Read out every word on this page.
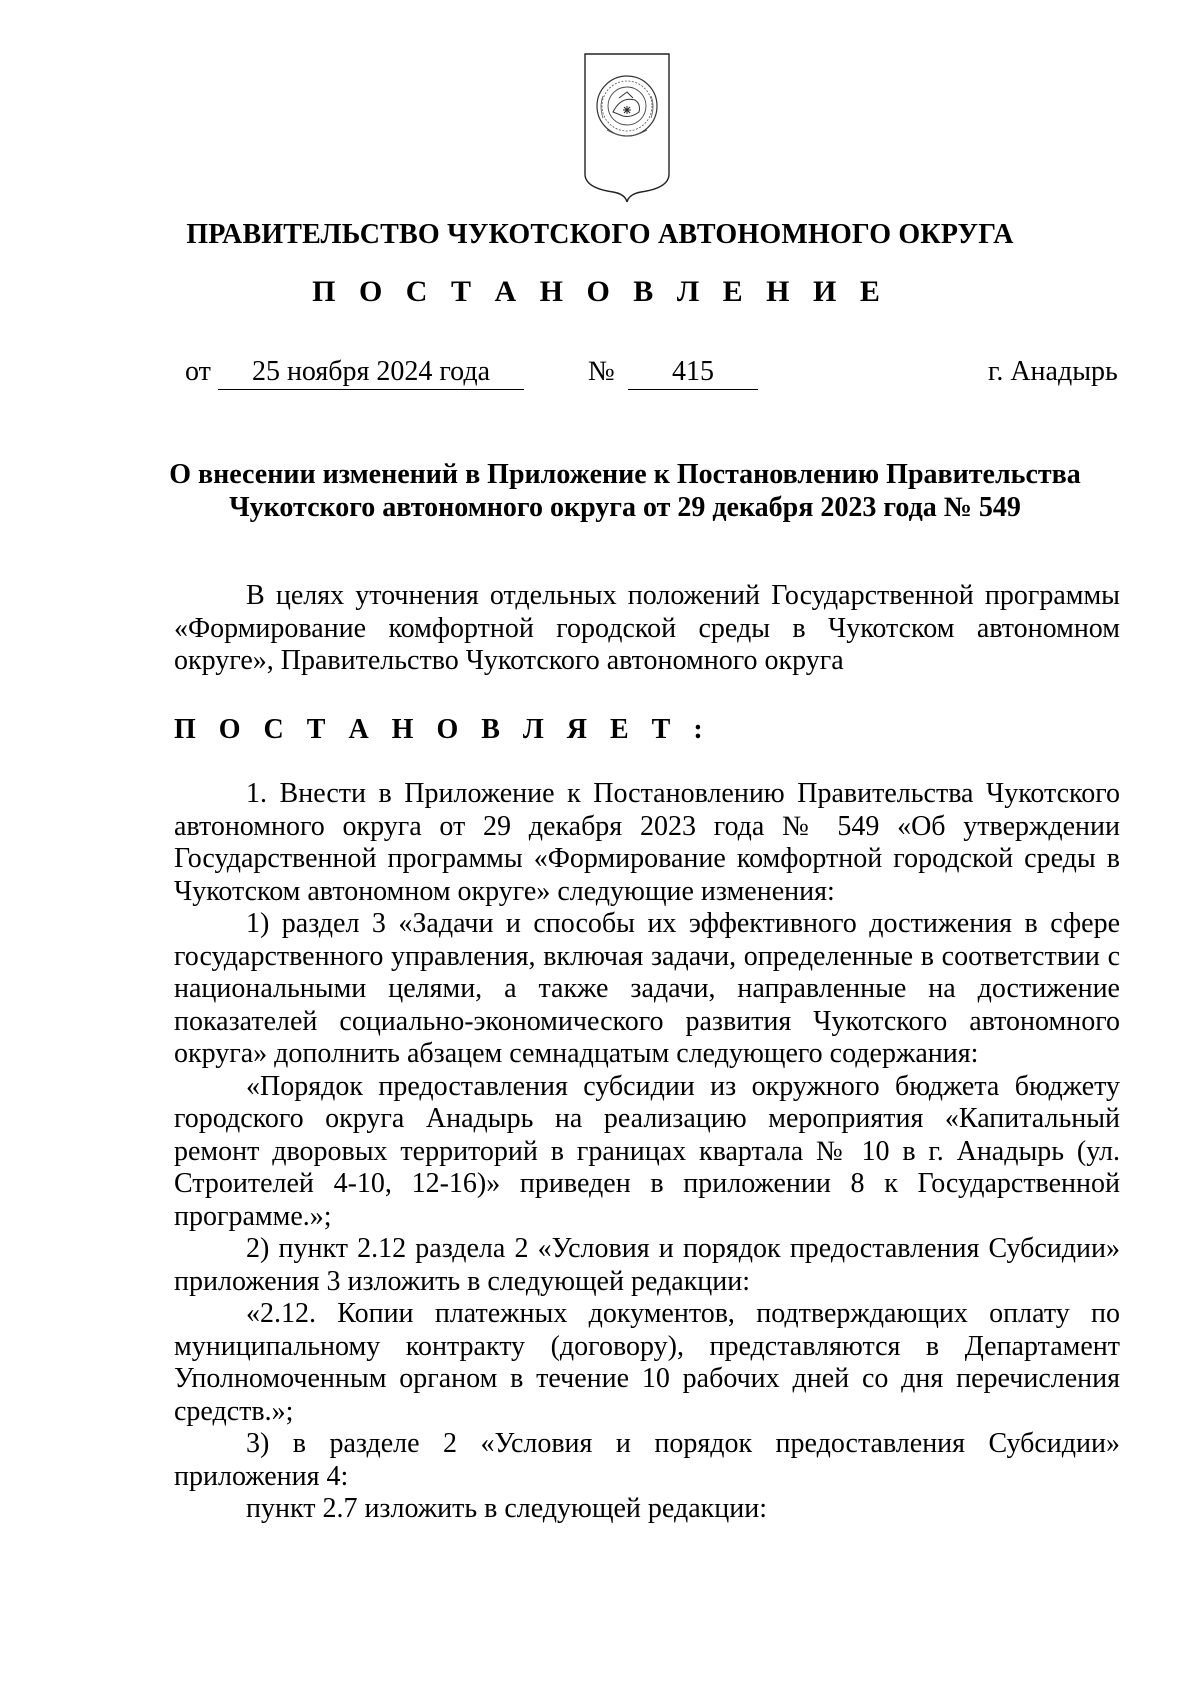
ПРАВИТЕЛЬСТВО ЧУКОТСКОГО АВТОНОМНОГО ОКРУГА
П О С Т А Н О В Л Е Н И Е
от	25 ноября 2024 года	№	415	г. Анадырь
О внесении изменений в Приложение к Постановлению Правительства Чукотского автономного округа от 29 декабря 2023 года № 549

В целях уточнения отдельных положений Государственной программы «Формирование комфортной городской среды в Чукотском автономном округе», Правительство Чукотского автономного округа

П О С Т А Н О В Л Я Е Т :

1. Внести в Приложение к Постановлению Правительства Чукотского автономного округа от 29 декабря 2023 года № 549 «Об утверждении Государственной программы «Формирование комфортной городской среды в Чукотском автономном округе» следующие изменения:

1) раздел 3 «Задачи и способы их эффективного достижения в сфере государственного управления, включая задачи, определенные в соответствии с национальными целями, а также задачи, направленные на достижение показателей социально-экономического развития Чукотского автономного округа» дополнить абзацем семнадцатым следующего содержания:

«Порядок предоставления субсидии из окружного бюджета бюджету городского округа Анадырь на реализацию мероприятия «Капитальный ремонт дворовых территорий в границах квартала № 10 в г. Анадырь (ул. Строителей 4-10, 12-16)» приведен в приложении 8 к Государственной программе.»;

2) пункт 2.12 раздела 2 «Условия и порядок предоставления Субсидии» приложения 3 изложить в следующей редакции:

«2.12. Копии платежных документов, подтверждающих оплату по муниципальному контракту (договору), представляются в Департамент Уполномоченным органом в течение 10 рабочих дней со дня перечисления средств.»;

3) в разделе 2 «Условия и порядок предоставления Субсидии» приложения 4:

пункт 2.7 изложить в следующей редакции:
